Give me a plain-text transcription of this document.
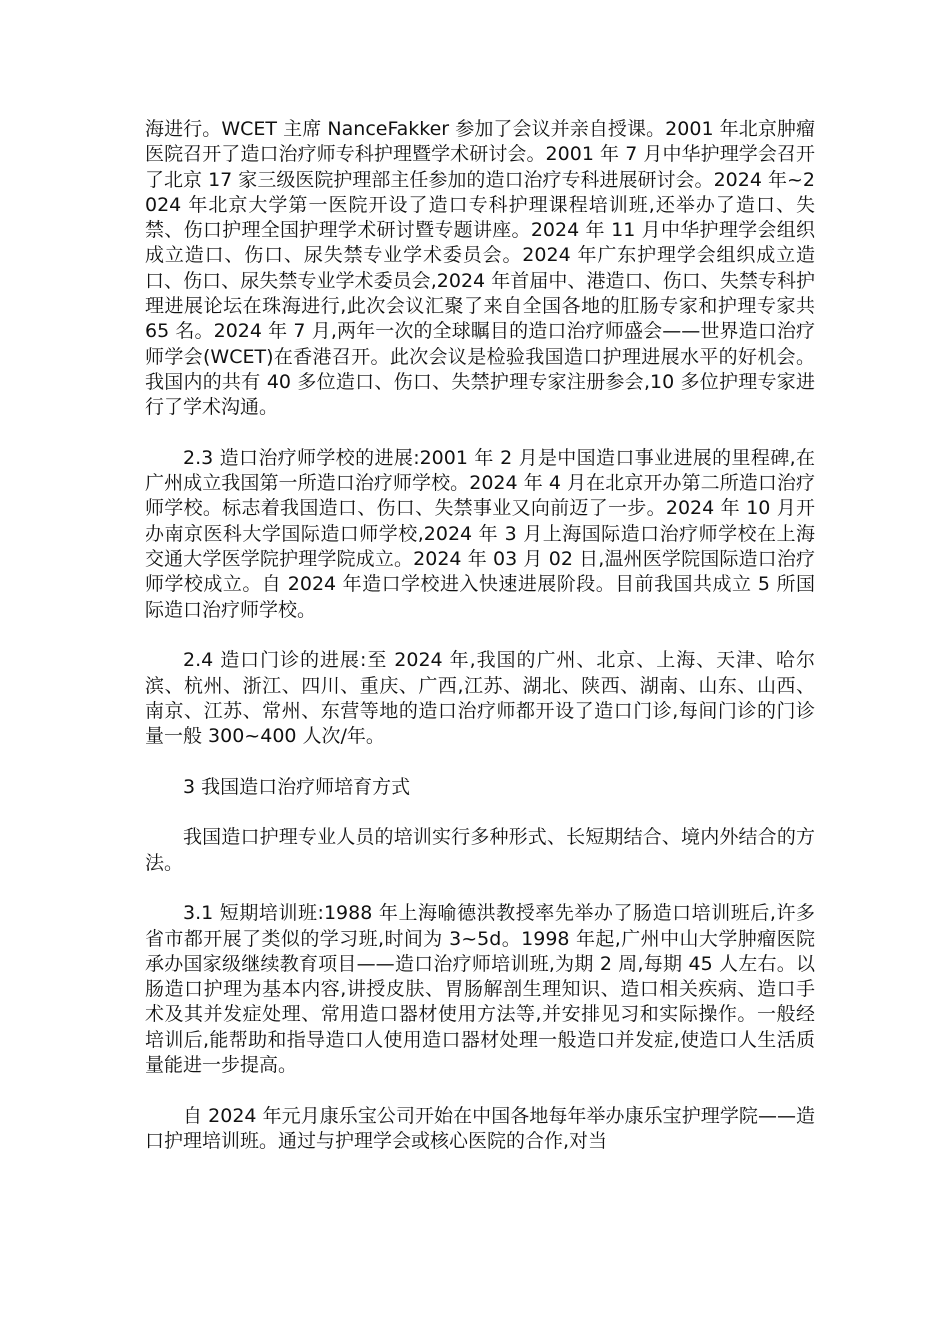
海进行。WCET 主席 NanceFakker 参加了会议并亲自授课。2001 年北京肿瘤医院召开了造口治疗师专科护理暨学术研讨会。2001 年 7 月中华护理学会召开了北京 17 家三级医院护理部主任参加的造口治疗专科进展研讨会。2024 年~2024 年北京大学第一医院开设了造口专科护理课程培训班,还举办了造口、失禁、伤口护理全国护理学术研讨暨专题讲座。2024 年 11 月中华护理学会组织成立造口、伤口、尿失禁专业学术委员会。2024 年广东护理学会组织成立造口、伤口、尿失禁专业学术委员会,2024 年首届中、港造口、伤口、失禁专科护理进展论坛在珠海进行,此次会议汇聚了来自全国各地的肛肠专家和护理专家共 65 名。2024 年 7 月,两年一次的全球瞩目的造口治疗师盛会——世界造口治疗师学会(WCET)在香港召开。此次会议是检验我国造口护理进展水平的好机会。我国内的共有 40 多位造口、伤口、失禁护理专家注册参会,10 多位护理专家进行了学术沟通。

2.3 造口治疗师学校的进展:2001 年 2 月是中国造口事业进展的里程碑,在广州成立我国第一所造口治疗师学校。2024 年 4 月在北京开办第二所造口治疗师学校。标志着我国造口、伤口、失禁事业又向前迈了一步。2024 年 10 月开办南京医科大学国际造口师学校,2024 年 3 月上海国际造口治疗师学校在上海交通大学医学院护理学院成立。2024 年 03 月 02 日,温州医学院国际造口治疗师学校成立。自 2024 年造口学校进入快速进展阶段。目前我国共成立 5 所国际造口治疗师学校。

2.4 造口门诊的进展:至 2024 年,我国的广州、北京、上海、天津、哈尔滨、杭州、浙江、四川、重庆、广西,江苏、湖北、陕西、湖南、山东、山西、南京、江苏、常州、东营等地的造口治疗师都开设了造口门诊,每间门诊的门诊量一般 300~400 人次/年。

3 我国造口治疗师培育方式

我国造口护理专业人员的培训实行多种形式、长短期结合、境内外结合的方法。

3.1 短期培训班:1988 年上海喻德洪教授率先举办了肠造口培训班后,许多省市都开展了类似的学习班,时间为 3~5d。1998 年起,广州中山大学肿瘤医院承办国家级继续教育项目——造口治疗师培训班,为期 2 周,每期 45 人左右。以肠造口护理为基本内容,讲授皮肤、胃肠解剖生理知识、造口相关疾病、造口手术及其并发症处理、常用造口器材使用方法等,并安排见习和实际操作。一般经培训后,能帮助和指导造口人使用造口器材处理一般造口并发症,使造口人生活质量能进一步提高。

自 2024 年元月康乐宝公司开始在中国各地每年举办康乐宝护理学院——造口护理培训班。通过与护理学会或核心医院的合作,对当
